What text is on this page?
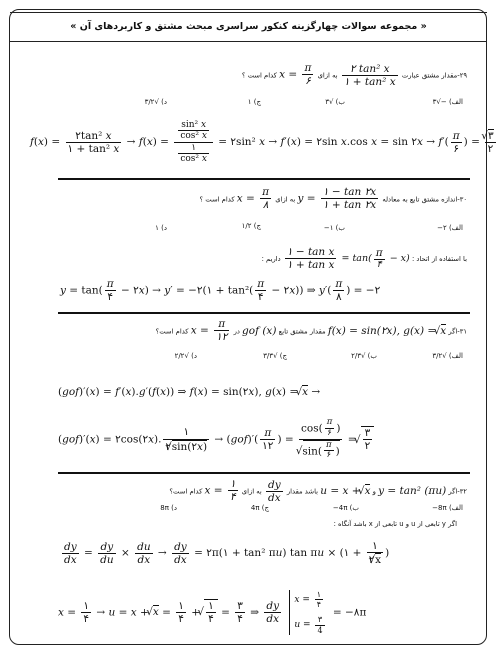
« مجموعه سوالات چهارگزینه کنکور سراسری مبحث مشتق و کاربردهای آن »
۲۹-مقدار مشتق عبارت
$\frac{\text{۲ tan² x}}{\text{۱ + tan² x}}$
به ازای $x = \frac{\pi}{۶}$
کدام است ؟
الف) −√۳
ب) √۳
ج) ۱
د) √۳/۲
$f(x) = \frac{\text{۲tan² x}}{\text{۱ + tan² x}} \to f(x) = \frac{\frac{\text{sin² x}}{\text{cos² x}}}{\frac{۱}{\text{cos² x}}}$ = ۲sin² x → f′(x) = ۲sin x.cos x = sin ۲x → $f'( \frac{\pi}{۶}$ ) = √ $\frac{۳}{۲}$
۳۰-اندازه مشتق تابع به معادله $y = \frac{۱ - \tan ۲x}{۱ + \tan ۲x}$
به ازای $x = \frac{\pi}{۸}$
کدام است ؟
الف) ۲−
ب) ۱−
ج) ۱/۲
د) ۱
با استفاده از اتحاد :
$\frac{\text{۱ − tan x}}{\text{۱ + tan x}} = \tan( \frac{\pi}{۴} - x)$ داریم :
$y = \tan( \frac{\pi}{۴}$ − ۲x) → y′ = −۲(۱ + $\tan^2( \frac{\pi}{۴}$ − ۲x)) ⇒ $y'( \frac{\pi}{۸}$ ) = −۲
۳۱-اگر f(x) = sin(۲x), g(x) = √ x مقدار مشتق تابع gof (x) در $x = \frac{\pi}{۱۲}$
کدام است؟
الف) √۳/۲
ب) √۲/۳
ج) √۳/۳
د) √۲/۲
(gof)′(x) = f′(x).g′(f(x)) ⇒ f(x) = sin(۲x), g(x) = √ x →
(gof)′(x) = ۲cos(۲x). $\frac{۱}{۲√ \sin(۲x)} \to (gof)'( \frac{\pi}{۱۲}$ ) = $\cos( \frac{\pi}{۶}$ )
√ $\sin( \frac{\pi}{۶}$ ) = √ $\frac{۳}{۲}$
۳۲-اگر y = tan² (πu) و u = x + √ x باشد مقدار
$\frac{dy}{dx}$
به ازای $x = \frac{۱}{۴}$
کدام است؟
الف) 8π−
ب) 4π−
ج) 4π
د) 8π
اگر y تابعی از u و u تابعی از x باشد آنگاه :
$\frac{dy}{dx} = \frac{dy}{du} \times \frac{du}{dx} \to \frac{dy}{dx}$ = ۲π(۱ + tan² πu) tan πu × (۱ + $\frac{۱}{۲√ x}$ )
$x = \frac{۱}{۴} \to u = x$ + √ $x = \frac{۱}{۴}$ + √ $\frac{۱}{۴} = \frac{۳}{۴}$ ⇒ $\frac{dy}{dx}$
$x = \frac{۱}{۴}$
$u = \frac{۳}{4}$
= −۸π
